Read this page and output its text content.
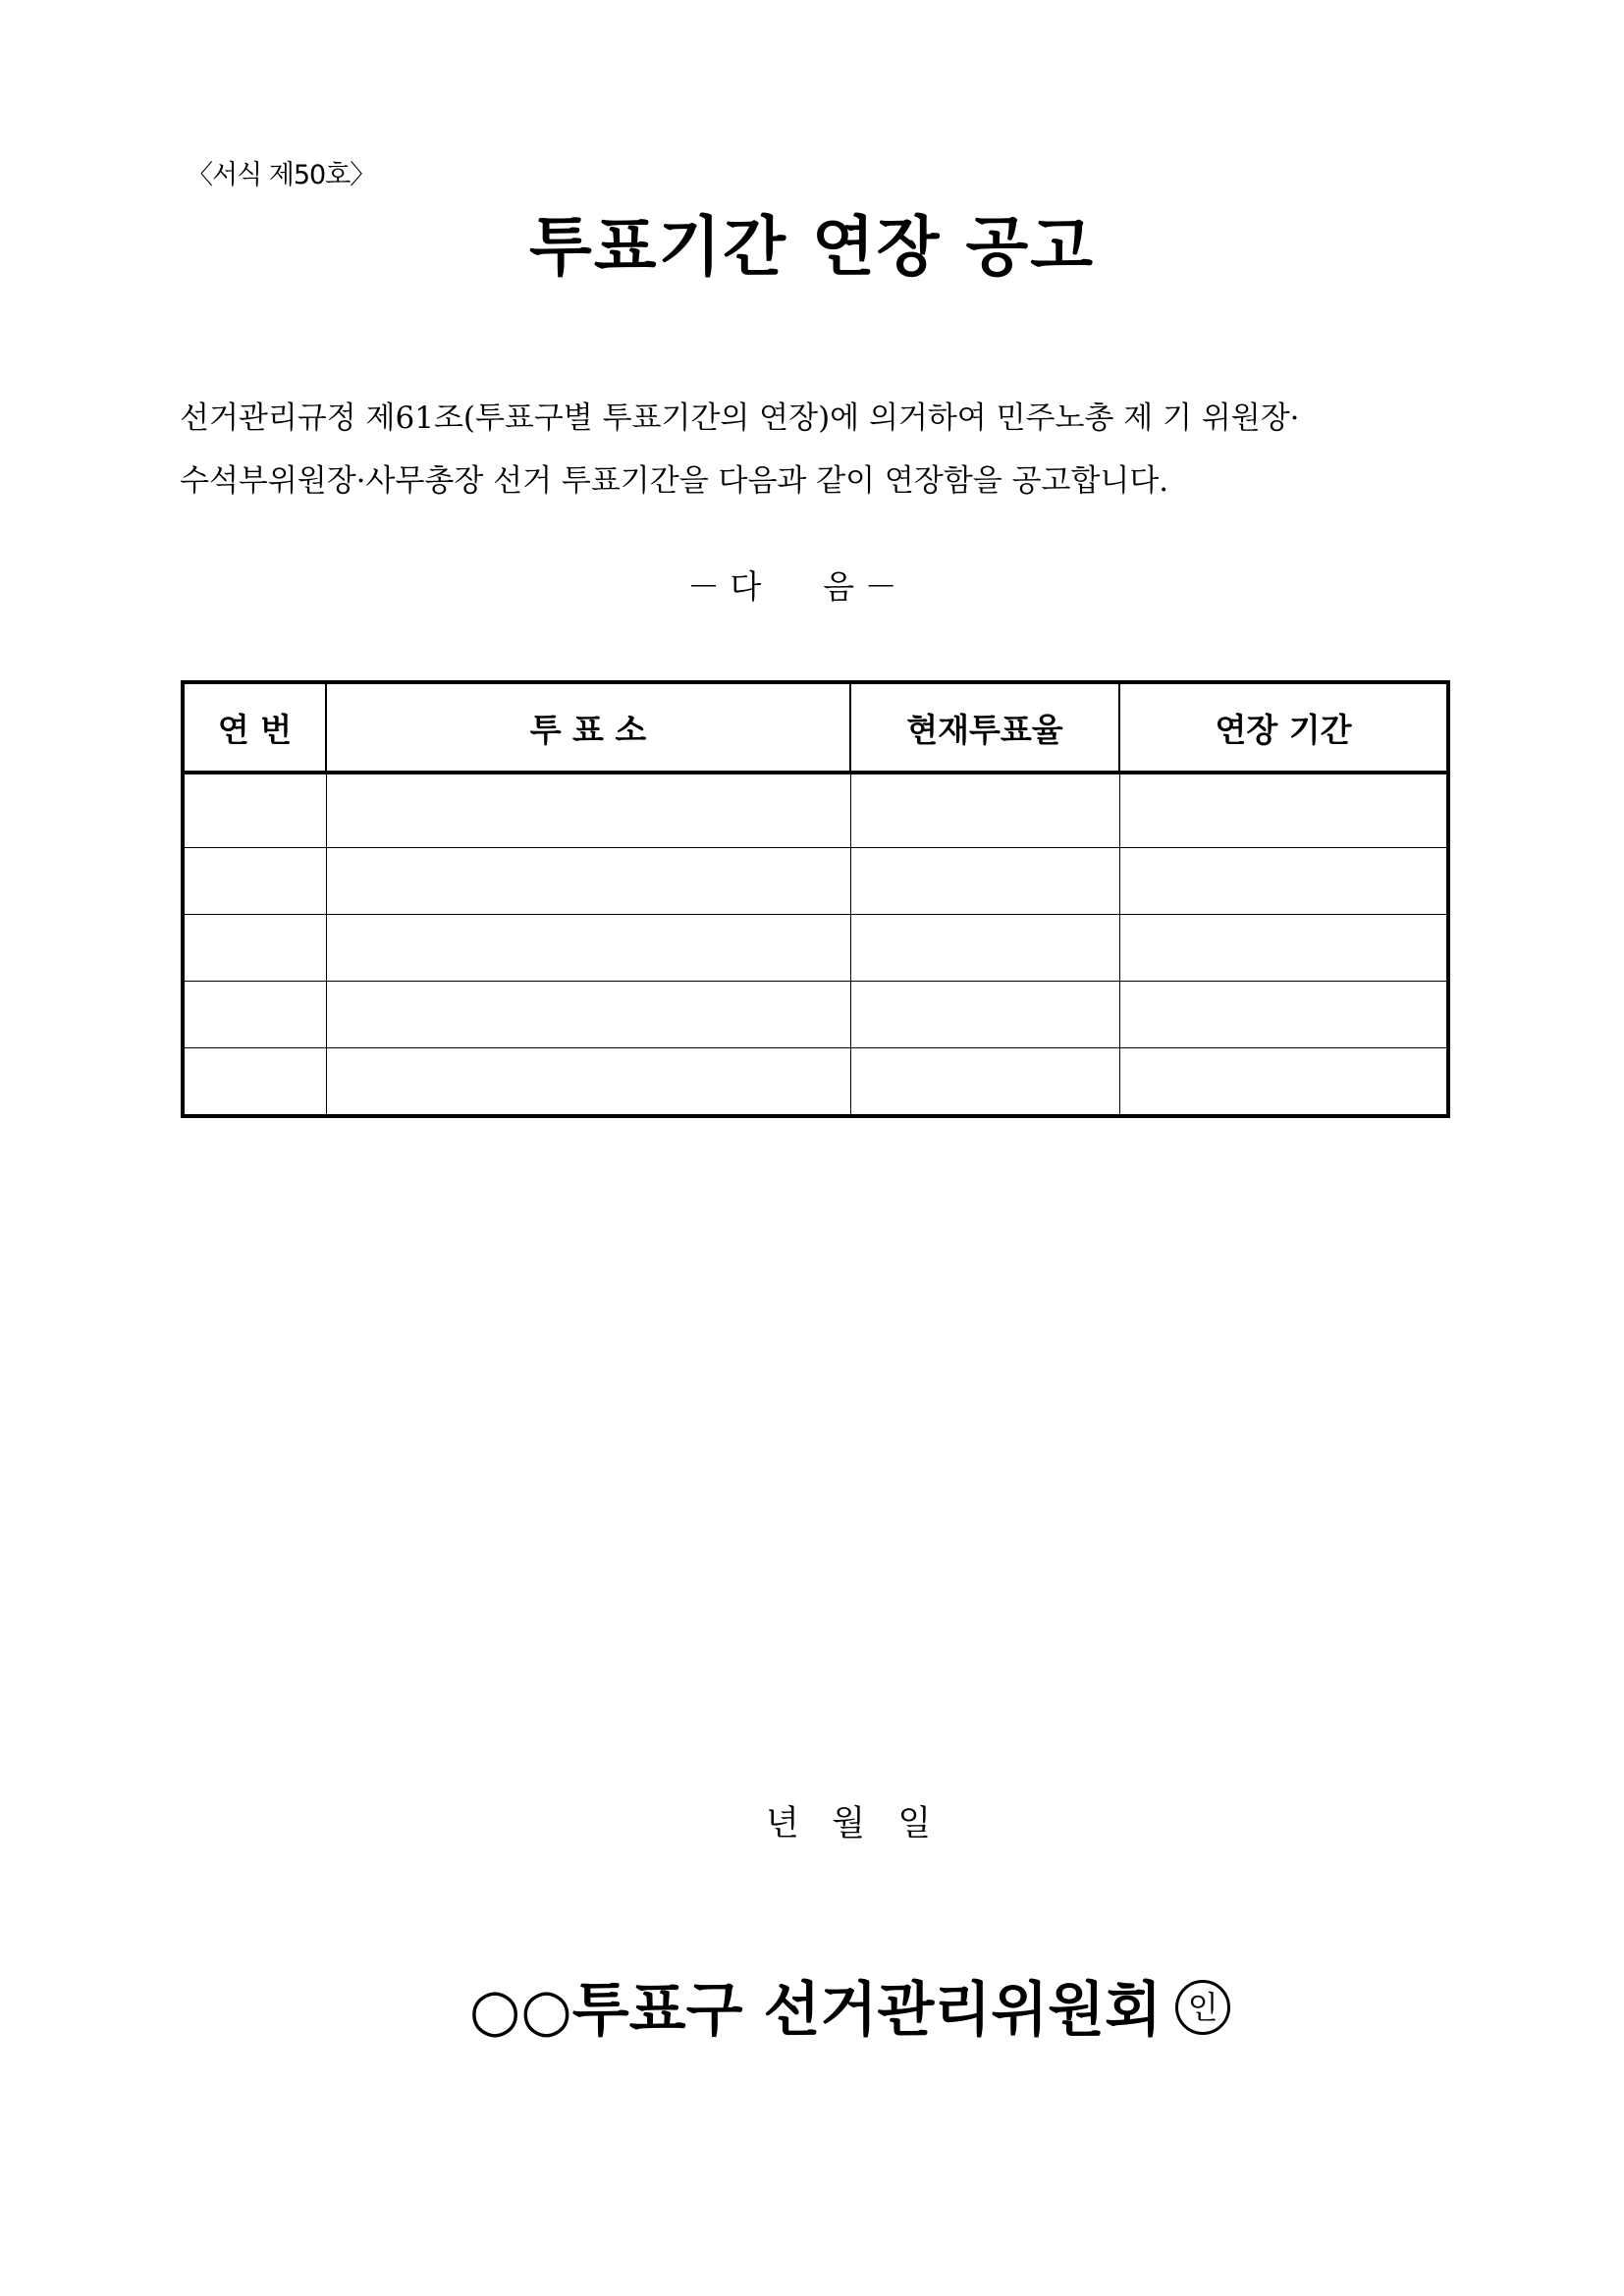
〈서식 제50호〉
투표기간 연장 공고
선거관리규정 제61조(투표구별 투표기간의 연장)에 의거하여 민주노총 제 기 위원장·
수석부위원장·사무총장 선거 투표기간을 다음과 같이 연장함을 공고합니다.
－ 다      음 －
연 번	투 표 소	현재투표율	연장 기간

년   월   일
○○투표구 선거관리위원회 인
